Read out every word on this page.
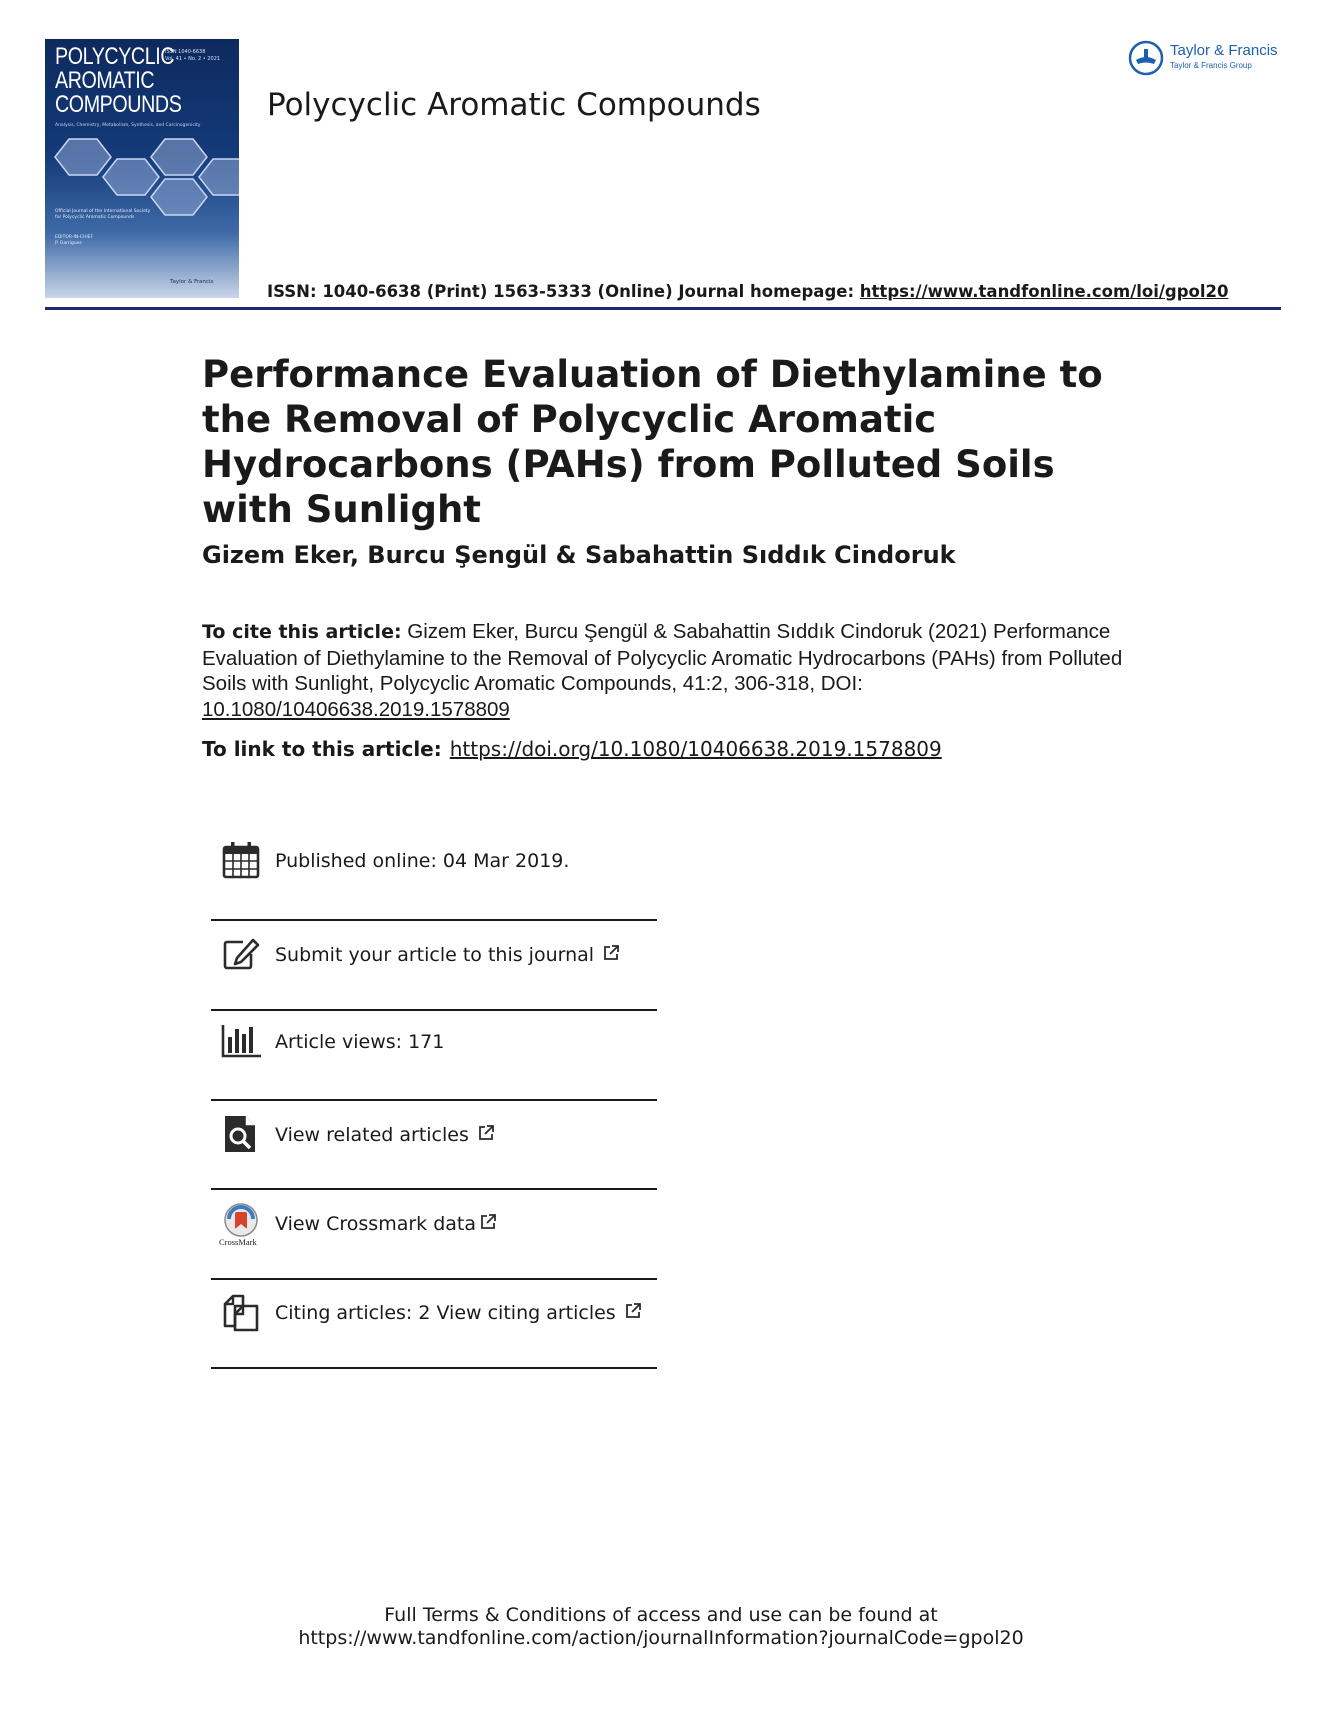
POLYCYCLIC
AROMATIC
COMPOUNDS
ISSN 1040-6638
Vol. 41 • No. 2 • 2021
Analysis, Chemistry, Metabolism, Synthesis, and Carcinogenicity
Official Journal of the International Society for Polycyclic Aromatic Compounds
EDITOR-IN-CHIEF
P. Garrigues
Taylor & Francis
Polycyclic Aromatic Compounds
Taylor & Francis
Taylor & Francis Group
ISSN: 1040-6638 (Print) 1563-5333 (Online) Journal homepage: https://www.tandfonline.com/loi/gpol20
Performance Evaluation of Diethylamine to the Removal of Polycyclic Aromatic Hydrocarbons (PAHs) from Polluted Soils with Sunlight
Gizem Eker, Burcu Şengül & Sabahattin Sıddık Cindoruk
To cite this article: Gizem Eker, Burcu Şengül & Sabahattin Sıddık Cindoruk (2021) Performance Evaluation of Diethylamine to the Removal of Polycyclic Aromatic Hydrocarbons (PAHs) from Polluted Soils with Sunlight, Polycyclic Aromatic Compounds, 41:2, 306-318, DOI:
10.1080/10406638.2019.1578809
To link to this article: https://doi.org/10.1080/10406638.2019.1578809
Published online: 04 Mar 2019.
Submit your article to this journal
Article views: 171
View related articles
CrossMark
View Crossmark data
Citing articles: 2 View citing articles
Full Terms & Conditions of access and use can be found at
https://www.tandfonline.com/action/journalInformation?journalCode=gpol20
